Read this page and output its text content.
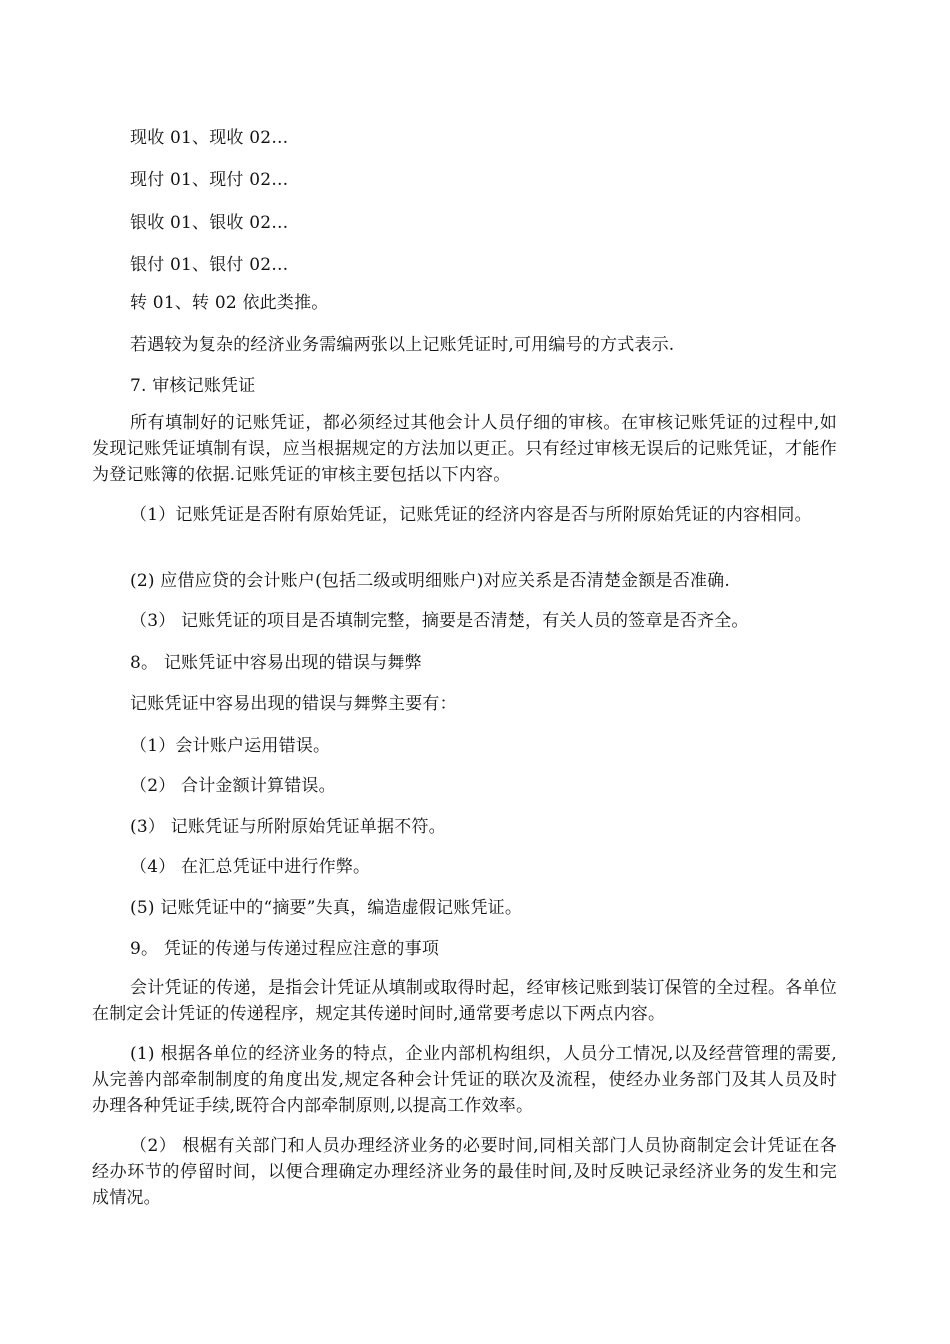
现收 01、现收 02…
现付 01、现付 02…
银收 01、银收 02…
银付 01、银付 02…
转 01、转 02 依此类推。
若遇较为复杂的经济业务需编两张以上记账凭证时,可用编号的方式表示.
7. 审核记账凭证
所有填制好的记账凭证，都必须经过其他会计人员仔细的审核。在审核记账凭证的过程中,如发现记账凭证填制有误，应当根据规定的方法加以更正。只有经过审核无误后的记账凭证，才能作为登记账簿的依据.记账凭证的审核主要包括以下内容。
（1）记账凭证是否附有原始凭证，记账凭证的经济内容是否与所附原始凭证的内容相同。
(2) 应借应贷的会计账户(包括二级或明细账户)对应关系是否清楚金额是否准确.
（3） 记账凭证的项目是否填制完整，摘要是否清楚，有关人员的签章是否齐全。
8。 记账凭证中容易出现的错误与舞弊
记账凭证中容易出现的错误与舞弊主要有：
（1）会计账户运用错误。
（2） 合计金额计算错误。
(3） 记账凭证与所附原始凭证单据不符。
（4） 在汇总凭证中进行作弊。
(5) 记账凭证中的“摘要”失真，编造虚假记账凭证。
9。 凭证的传递与传递过程应注意的事项
会计凭证的传递，是指会计凭证从填制或取得时起，经审核记账到装订保管的全过程。各单位在制定会计凭证的传递程序，规定其传递时间时,通常要考虑以下两点内容。
(1) 根据各单位的经济业务的特点，企业内部机构组织，人员分工情况,以及经营管理的需要,从完善内部牵制制度的角度出发,规定各种会计凭证的联次及流程，使经办业务部门及其人员及时办理各种凭证手续,既符合内部牵制原则,以提高工作效率。
（2） 根椐有关部门和人员办理经济业务的必要时间,同相关部门人员协商制定会计凭证在各经办环节的停留时间，以便合理确定办理经济业务的最佳时间,及时反映记录经济业务的发生和完成情况。
